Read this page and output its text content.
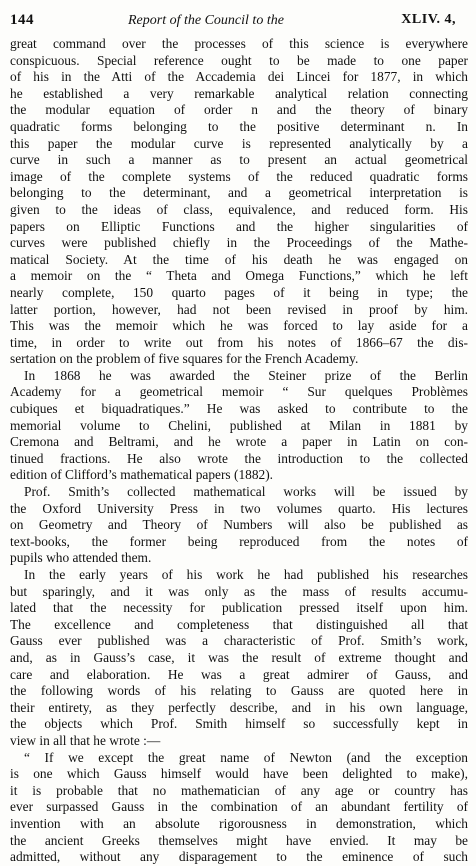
144	Report of the Council to the	XLIV. 4,
great command over the processes of this science is everywhere
conspicuous. Special reference ought to be made to one paper
of his in the Atti of the Accademia dei Lincei for 1877, in which
he established a very remarkable analytical relation connecting
the modular equation of order n and the theory of binary
quadratic forms belonging to the positive determinant n. In
this paper the modular curve is represented analytically by a
curve in such a manner as to present an actual geometrical
image of the complete systems of the reduced quadratic forms
belonging to the determinant, and a geometrical interpretation is
given to the ideas of class, equivalence, and reduced form. His
papers on Elliptic Functions and the higher singularities of
curves were published chiefly in the Proceedings of the Mathe-
matical Society. At the time of his death he was engaged on
a memoir on the “ Theta and Omega Functions,” which he left
nearly complete, 150 quarto pages of it being in type; the
latter portion, however, had not been revised in proof by him.
This was the memoir which he was forced to lay aside for a
time, in order to write out from his notes of 1866–67 the dis-
sertation on the problem of five squares for the French Academy.
In 1868 he was awarded the Steiner prize of the Berlin
Academy for a geometrical memoir “ Sur quelques Problèmes
cubiques et biquadratiques.” He was asked to contribute to the
memorial volume to Chelini, published at Milan in 1881 by
Cremona and Beltrami, and he wrote a paper in Latin on con-
tinued fractions. He also wrote the introduction to the collected
edition of Clifford’s mathematical papers (1882).
Prof. Smith’s collected mathematical works will be issued by
the Oxford University Press in two volumes quarto. His lectures
on Geometry and Theory of Numbers will also be published as
text-books, the former being reproduced from the notes of
pupils who attended them.
In the early years of his work he had published his researches
but sparingly, and it was only as the mass of results accumu-
lated that the necessity for publication pressed itself upon him.
The excellence and completeness that distinguished all that
Gauss ever published was a characteristic of Prof. Smith’s work,
and, as in Gauss’s case, it was the result of extreme thought and
care and elaboration. He was a great admirer of Gauss, and
the following words of his relating to Gauss are quoted here in
their entirety, as they perfectly describe, and in his own language,
the objects which Prof. Smith himself so successfully kept in
view in all that he wrote :—
“ If we except the great name of Newton (and the exception
is one which Gauss himself would have been delighted to make),
it is probable that no mathematician of any age or country has
ever surpassed Gauss in the combination of an abundant fertility of
invention with an absolute rigorousness in demonstration, which
the ancient Greeks themselves might have envied. It may be
admitted, without any disparagement to the eminence of such
